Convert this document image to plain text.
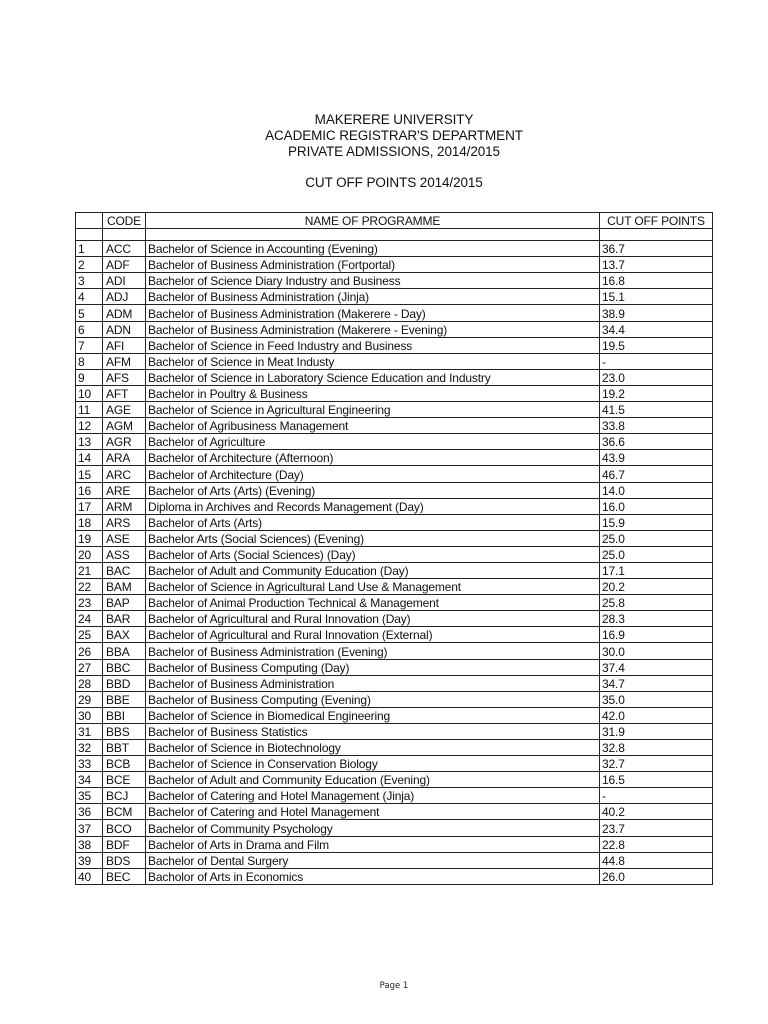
MAKERERE UNIVERSITY
ACADEMIC REGISTRAR'S DEPARTMENT
PRIVATE ADMISSIONS, 2014/2015
CUT OFF POINTS 2014/2015
	CODE	NAME OF PROGRAMME	CUT OFF POINTS

1	ACC	Bachelor of Science in Accounting (Evening)	36.7
2	ADF	Bachelor of Business Administration (Fortportal)	13.7
3	ADI	Bachelor of Science Diary Industry and Business	16.8
4	ADJ	Bachelor of Business Administration (Jinja)	15.1
5	ADM	Bachelor of Business Administration (Makerere - Day)	38.9
6	ADN	Bachelor of Business Administration (Makerere - Evening)	34.4
7	AFI	Bachelor of Science in Feed Industry and Business	19.5
8	AFM	Bachelor of Science in Meat Industy	-
9	AFS	Bachelor of Science in Laboratory Science Education and Industry	23.0
10	AFT	Bachelor in Poultry & Business	19.2
11	AGE	Bachelor of Science in Agricultural Engineering	41.5
12	AGM	Bachelor of Agribusiness Management	33.8
13	AGR	Bachelor of Agriculture	36.6
14	ARA	Bachelor of Architecture (Afternoon)	43.9
15	ARC	Bachelor of Architecture (Day)	46.7
16	ARE	Bachelor of Arts (Arts) (Evening)	14.0
17	ARM	Diploma in Archives and Records Management (Day)	16.0
18	ARS	Bachelor of Arts (Arts)	15.9
19	ASE	Bachelor Arts (Social Sciences) (Evening)	25.0
20	ASS	Bachelor of Arts (Social Sciences) (Day)	25.0
21	BAC	Bachelor of Adult and Community Education (Day)	17.1
22	BAM	Bachelor of Science in Agricultural Land Use & Management	20.2
23	BAP	Bachelor of Animal Production Technical & Management	25.8
24	BAR	Bachelor of Agricultural and Rural Innovation (Day)	28.3
25	BAX	Bachelor of Agricultural and Rural Innovation (External)	16.9
26	BBA	Bachelor of Business Administration (Evening)	30.0
27	BBC	Bachelor of Business Computing (Day)	37.4
28	BBD	Bachelor of Business Administration	34.7
29	BBE	Bachelor of Business Computing (Evening)	35.0
30	BBI	Bachelor of Science in Biomedical Engineering	42.0
31	BBS	Bachelor of Business Statistics	31.9
32	BBT	Bachelor of Science in Biotechnology	32.8
33	BCB	Bachelor of Science in Conservation Biology	32.7
34	BCE	Bachelor of Adult and Community Education (Evening)	16.5
35	BCJ	Bachelor of Catering and Hotel Management (Jinja)	-
36	BCM	Bachelor of Catering and Hotel Management	40.2
37	BCO	Bachelor of Community Psychology	23.7
38	BDF	Bachelor of Arts in Drama and Film	22.8
39	BDS	Bachelor of Dental Surgery	44.8
40	BEC	Bacholor of Arts in Economics	26.0
Page 1
